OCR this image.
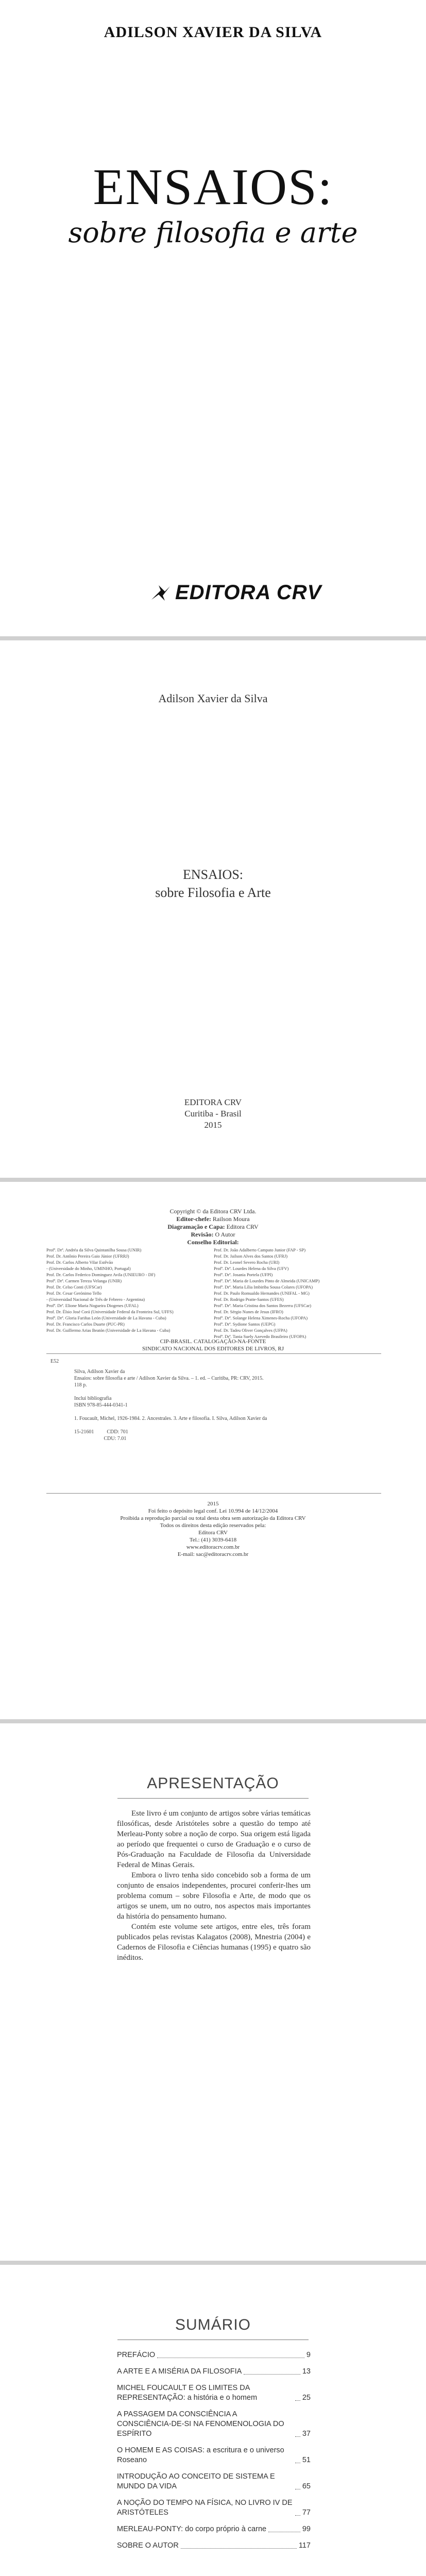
ADILSON XAVIER DA SILVA
ENSAIOS:
sobre filosofia e arte
EDITORA CRV
Adilson Xavier da Silva
ENSAIOS:
sobre Filosofia e Arte
EDITORA CRV
Curitiba - Brasil
2015
Copyright © da Editora CRV Ltda.
Editor-chefe: Railson Moura
Diagramação e Capa: Editora CRV
Revisão: O Autor
Conselho Editorial:
Profª. Drª. Andréa da Silva Quintanilha Sousa (UNIR)
Prof. Dr. Antônio Pereira Gaio Júnior (UFRRJ)
Prof. Dr. Carlos Alberto Vilar Estêvão
- (Universidade do Minho, UMINHO, Portugal)
Prof. Dr. Carlos Federico Dominguez Avila (UNIEURO - DF)
Profª. Drª. Carmen Tereza Velanga (UNIR)
Prof. Dr. Celso Conti (UFSCar)
Prof. Dr. Cesar Gerónimo Tello
- (Universidad Nacional de Três de Febrero - Argentina)
Profª. Drª. Elione Maria Nogueira Diogenes (UFAL)
Prof. Dr. Élsio José Corá (Universidade Federal da Fronteira Sul, UFFS)
Profª. Drª. Gloria Fariñas León (Universidade de La Havana - Cuba)
Prof. Dr. Francisco Carlos Duarte (PUC-PR)
Prof. Dr. Guillermo Arias Beatón (Universidade de La Havana - Cuba)
Prof. Dr. João Adalberto Campato Junior (FAP - SP)
Prof. Dr. Jailson Alves dos Santos (UFRJ)
Prof. Dr. Leonel Severo Rocha (URI)
Profª. Drª. Lourdes Helena da Silva (UFV)
Profª. Drª. Josania Portela (UFPI)
Profª. Drª. Maria de Lourdes Pinto de Almeida (UNICAMP)
Profª. Drª. Maria Lília Imbiriba Sousa Colares (UFOPA)
Prof. Dr. Paulo Romualdo Hernandes (UNIFAL - MG)
Prof. Dr. Rodrigo Pratte-Santos (UFES)
Profª. Drª. Maria Cristina dos Santos Bezerra (UFSCar)
Prof. Dr. Sérgio Nunes de Jesus (IFRO)
Profª. Drª. Solange Helena Ximenes-Rocha (UFOPA)
Profª. Drª. Sydione Santos (UEPG)
Prof. Dr. Tadeu Oliver Gonçalves (UFPA)
Profª. Drª. Tania Suely Azevedo Brasileiro (UFOPA)
CIP-BRASIL. CATALOGAÇÃO-NA-FONTE
SINDICATO NACIONAL DOS EDITORES DE LIVROS, RJ
E52

Silva, Adilson Xavier da
Ensaios: sobre filosofia e arte / Adilson Xavier da Silva. – 1. ed. – Curitiba, PR: CRV, 2015.
118 p.

Inclui bibliografia
ISBN 978-85-444-0341-1

1. Foucault, Michel, 1926-1984. 2. Ancestrales. 3. Arte e filosofia. I. Silva, Adilson Xavier da

15-21601          CDD: 701
CDU: 7.01

2015
Foi feito o depósito legal conf. Lei 10.994 de 14/12/2004
Proibida a reprodução parcial ou total desta obra sem autorização da Editora CRV
Todos os direitos desta edição reservados pela:
Editora CRV
Tel.: (41) 3039-6418
www.editoracrv.com.br
E-mail: sac@editoracrv.com.br
APRESENTAÇÃO

Este livro é um conjunto de artigos sobre várias temáticas filosóficas, desde Aristóteles sobre a questão do tempo até Merleau-Ponty sobre a noção de corpo. Sua origem está ligada ao período que frequentei o curso de Graduação e o curso de Pós-Graduação na Faculdade de Filosofia da Universidade Federal de Minas Gerais.

Embora o livro tenha sido concebido sob a forma de um conjunto de ensaios independentes, procurei conferir-lhes um problema comum – sobre Filosofia e Arte, de modo que os artigos se unem, um no outro, nos aspectos mais importantes da história do pensamento humano.

Contém este volume sete artigos, entre eles, três foram publicados pelas revistas Kalagatos (2008), Mnestria (2004) e Cadernos de Filosofia e Ciências humanas (1995) e quatro são inéditos.

SUMÁRIO
PREFÁCIO	9
A ARTE E A MISÉRIA DA FILOSOFIA	13
MICHEL FOUCAULT E OS LIMITES DA REPRESENTAÇÃO: a história e o homem	25
A PASSAGEM DA CONSCIÊNCIA A CONSCIÊNCIA-DE-SI NA FENOMENOLOGIA DO ESPÍRITO	37
O HOMEM E AS COISAS: a escritura e o universo Roseano	51
INTRODUÇÃO AO CONCEITO DE SISTEMA E MUNDO DA VIDA	65
A NOÇÃO DO TEMPO NA FÍSICA, NO LIVRO IV DE ARISTÓTELES	77
MERLEAU-PONTY: do corpo próprio à carne	99
SOBRE O AUTOR	117
